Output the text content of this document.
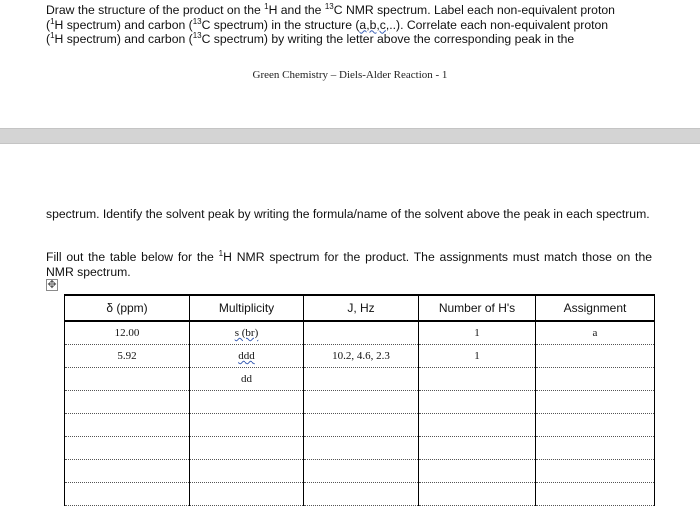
Draw the structure of the product on the $^1$H and the $^{13}$C NMR spectrum. Label each non-equivalent proton
($^1$H spectrum) and carbon ($^{13}$C spectrum) in the structure (a,b,c,..). Correlate each non-equivalent proton
($^1$H spectrum) and carbon ($^{13}$C spectrum) by writing the letter above the corresponding peak in the
Green Chemistry – Diels-Alder Reaction - 1
spectrum. Identify the solvent peak by writing the formula/name of the solvent above the peak in each spectrum.
Fill out the table below for the $^1$H NMR spectrum for the product. The assignments must match those on the NMR spectrum.
✥
δ (ppm)	Multiplicity	J, Hz	Number of H's	Assignment
12.00	s (br)		1	a
5.92	ddd	10.2, 4.6, 2.3	1	
	dd			
